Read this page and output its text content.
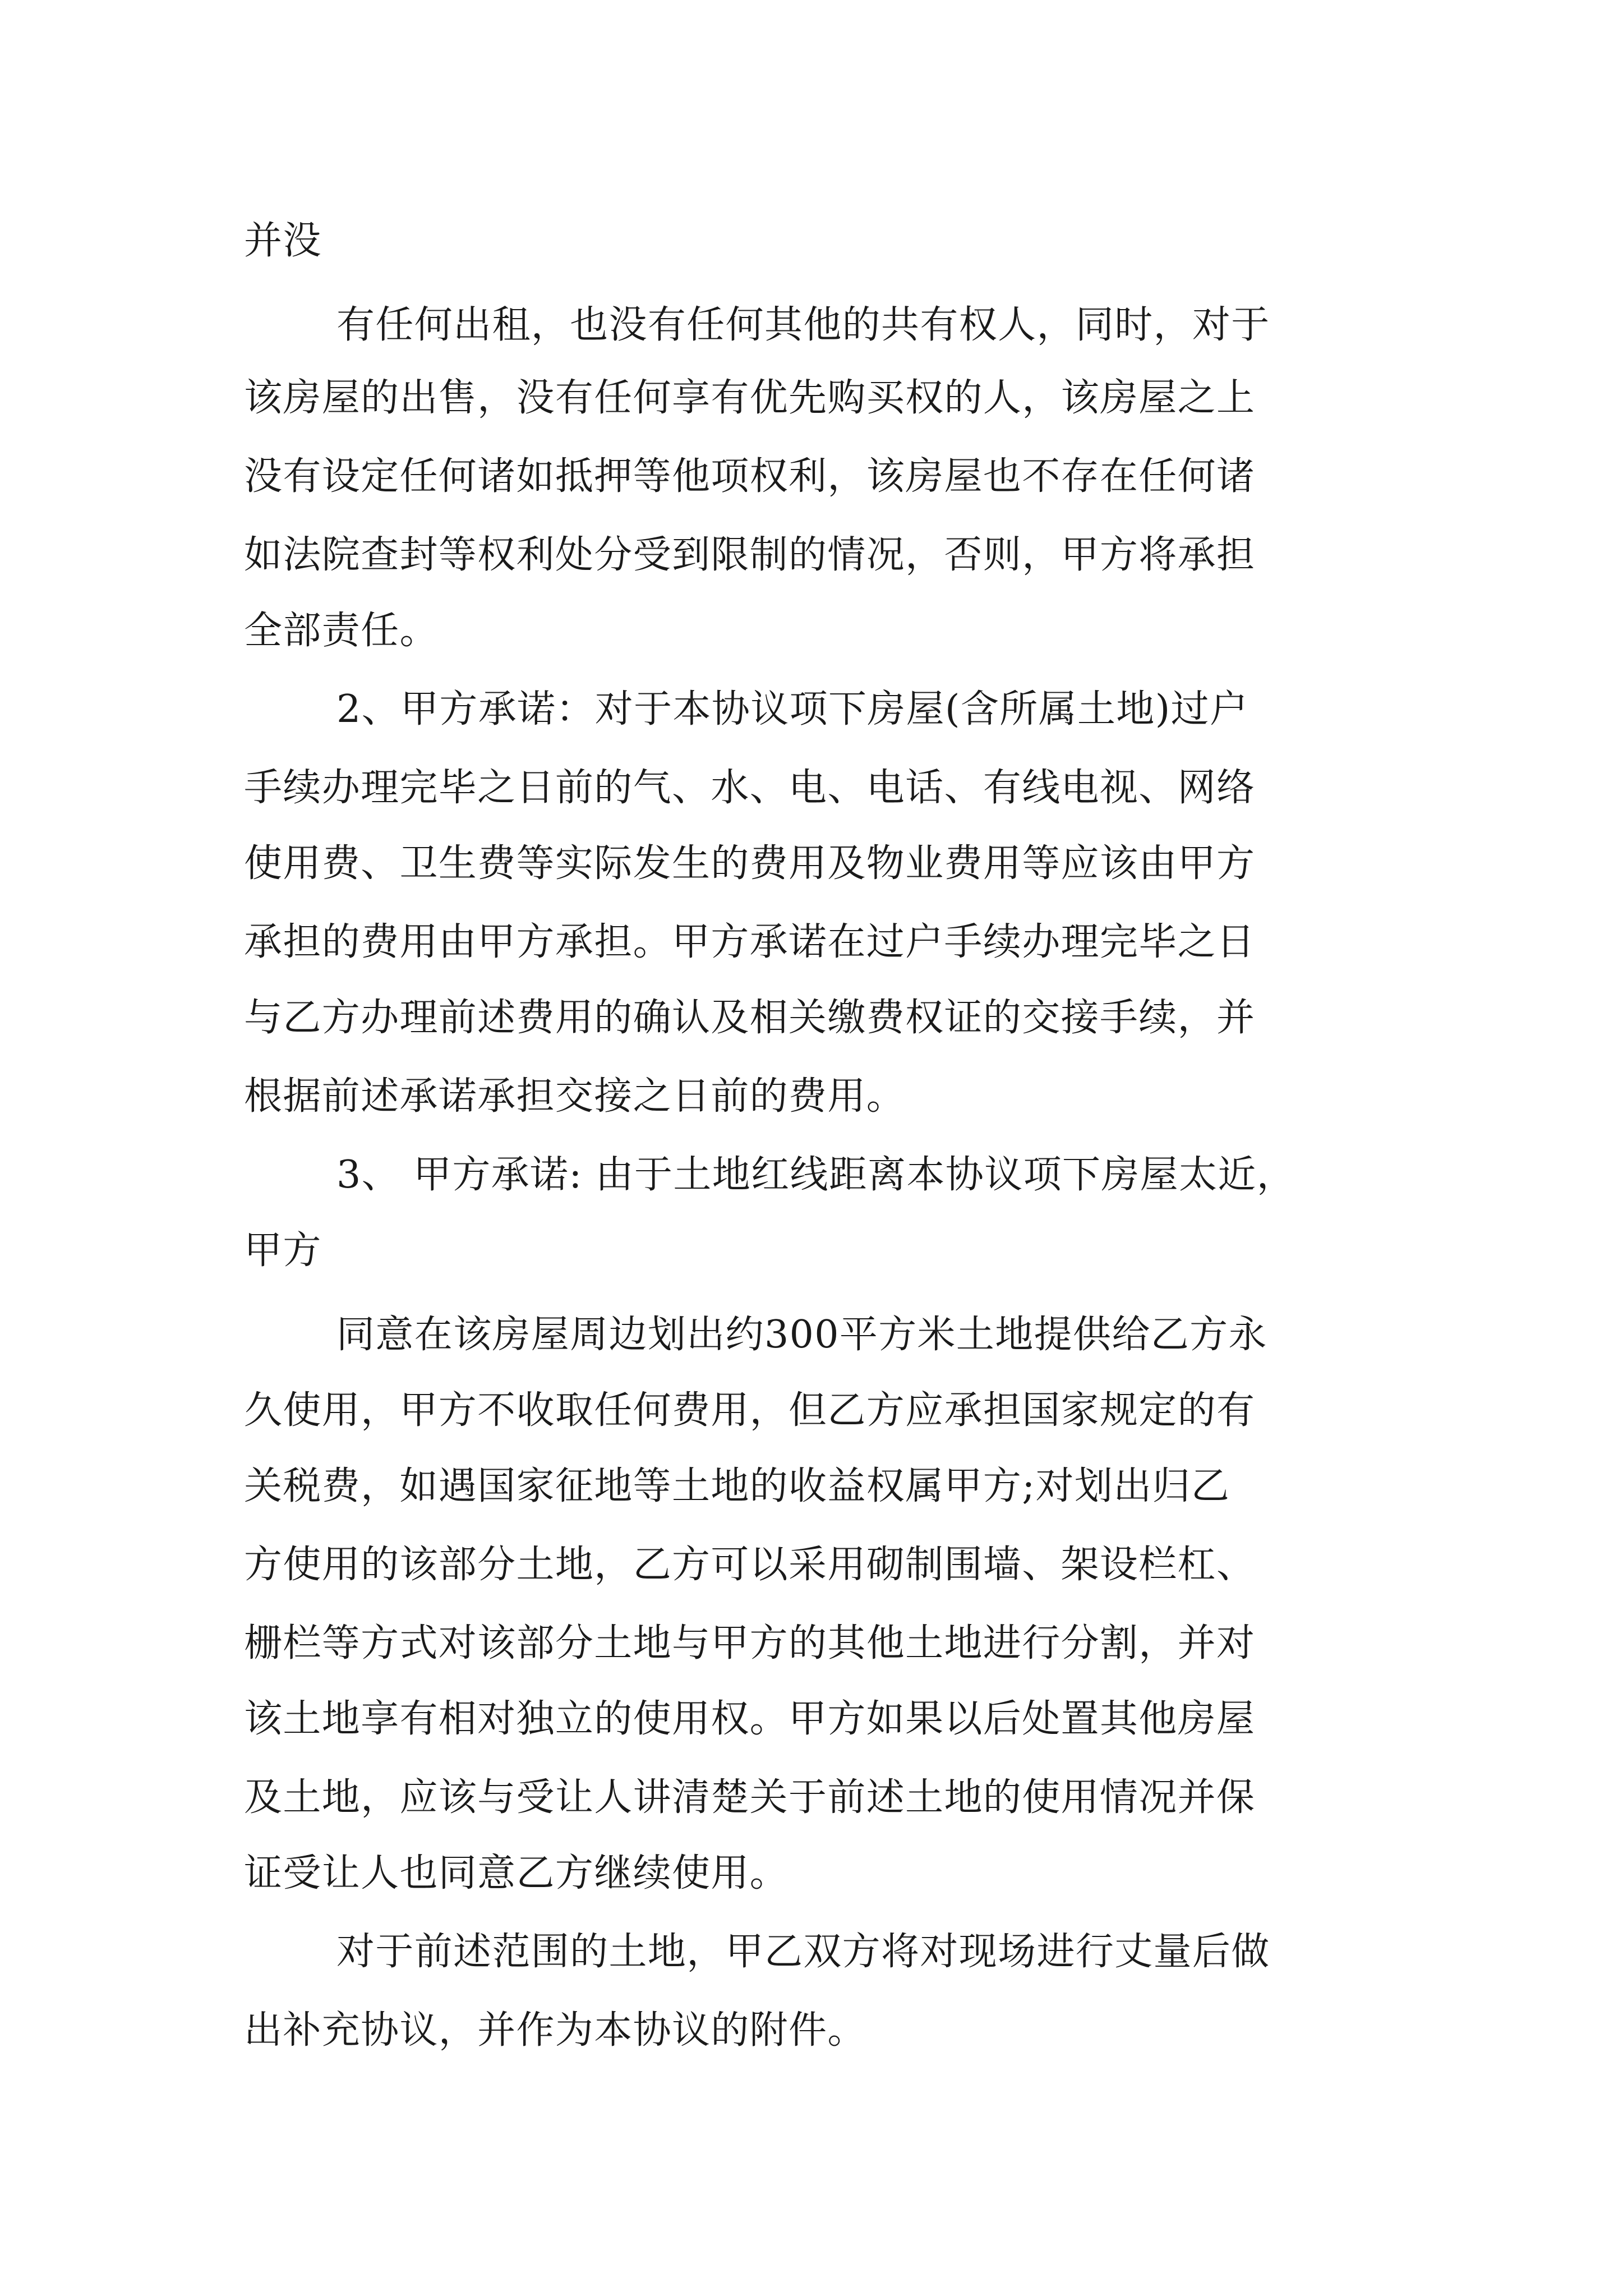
并没
有任何出租，也没有任何其他的共有权人，同时，对于
该房屋的出售，没有任何享有优先购买权的人，该房屋之上
没有设定任何诸如抵押等他项权利，该房屋也不存在任何诸
如法院查封等权利处分受到限制的情况，否则，甲方将承担
全部责任。
2、甲方承诺：对于本协议项下房屋(含所属土地)过户
手续办理完毕之日前的气、水、电、电话、有线电视、网络
使用费、卫生费等实际发生的费用及物业费用等应该由甲方
承担的费用由甲方承担。甲方承诺在过户手续办理完毕之日
与乙方办理前述费用的确认及相关缴费权证的交接手续，并
根据前述承诺承担交接之日前的费用。
3、 甲方承诺: 由于土地红线距离本协议项下房屋太近，
甲方
同意在该房屋周边划出约300平方米土地提供给乙方永
久使用，甲方不收取任何费用，但乙方应承担国家规定的有
关税费，如遇国家征地等土地的收益权属甲方;对划出归乙
方使用的该部分土地，乙方可以采用砌制围墙、架设栏杠、
栅栏等方式对该部分土地与甲方的其他土地进行分割，并对
该土地享有相对独立的使用权。甲方如果以后处置其他房屋
及土地，应该与受让人讲清楚关于前述土地的使用情况并保
证受让人也同意乙方继续使用。
对于前述范围的土地，甲乙双方将对现场进行丈量后做
出补充协议，并作为本协议的附件。
